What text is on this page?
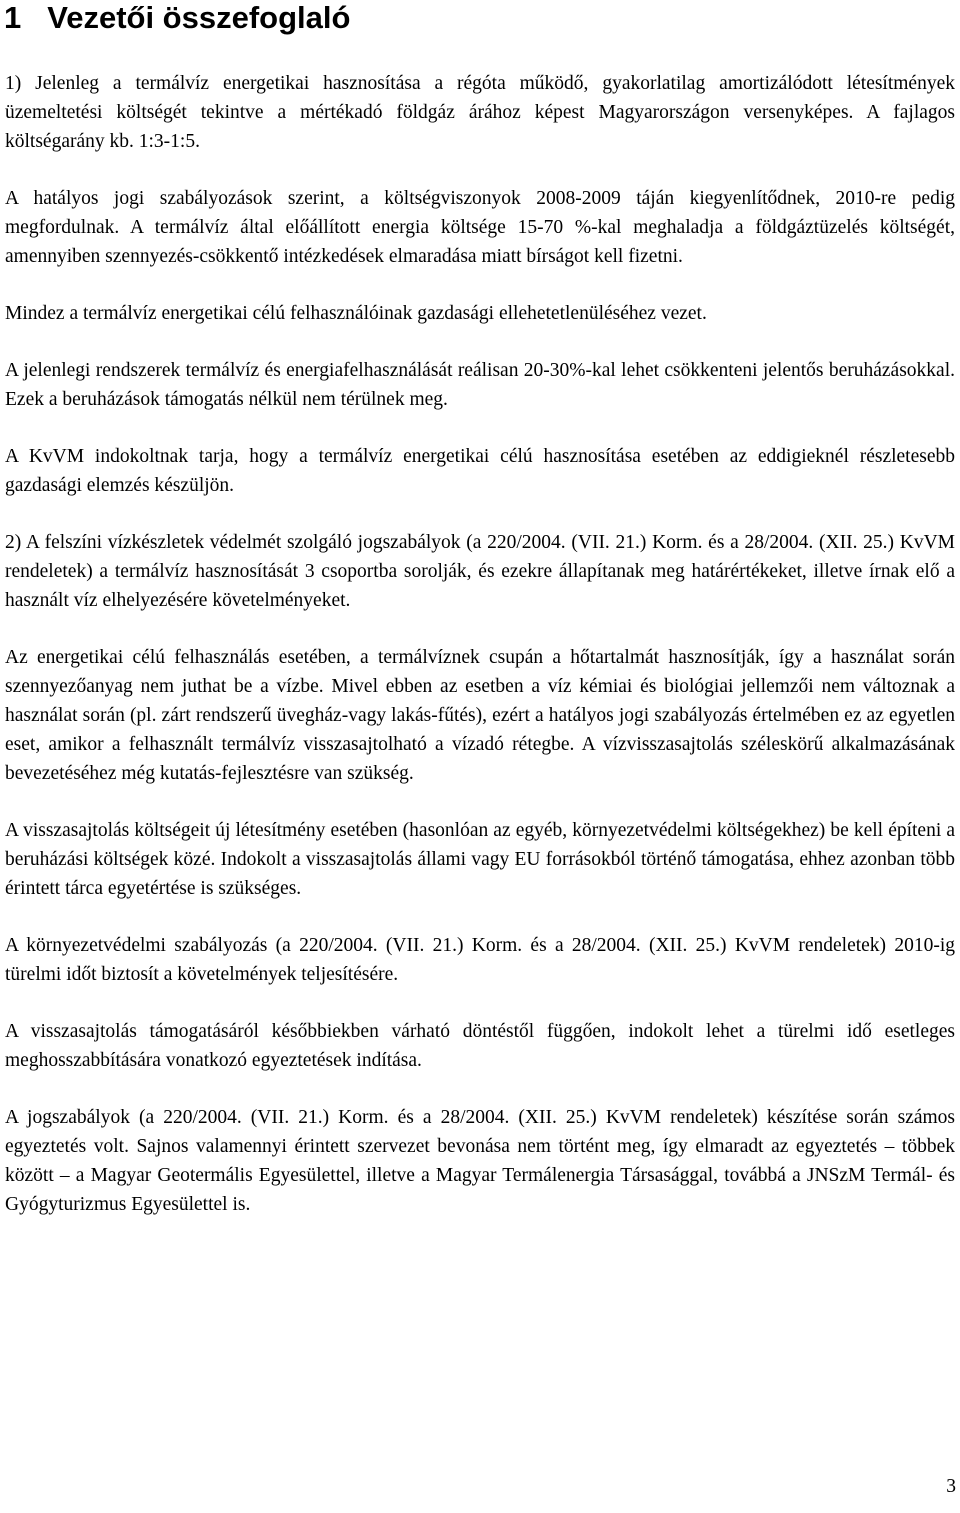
1 Vezetői összefoglaló

1) Jelenleg a termálvíz energetikai hasznosítása a régóta működő, gyakorlatilag amortizálódott létesítmények üzemeltetési költségét tekintve a mértékadó földgáz árához képest Magyarországon versenyképes. A fajlagos költségarány kb. 1:3-1:5.

A hatályos jogi szabályozások szerint, a költségviszonyok 2008-2009 táján kiegyenlítődnek, 2010-re pedig megfordulnak. A termálvíz által előállított energia költsége 15-70 %-kal meghaladja a földgáztüzelés költségét, amennyiben szennyezés-csökkentő intézkedések elmaradása miatt bírságot kell fizetni.

Mindez a termálvíz energetikai célú felhasználóinak gazdasági ellehetetlenüléséhez vezet.

A jelenlegi rendszerek termálvíz és energiafelhasználását reálisan 20-30%-kal lehet csökkenteni jelentős beruházásokkal. Ezek a beruházások támogatás nélkül nem térülnek meg.

A KvVM indokoltnak tarja, hogy a termálvíz energetikai célú hasznosítása esetében az eddigieknél részletesebb gazdasági elemzés készüljön.

2) A felszíni vízkészletek védelmét szolgáló jogszabályok (a 220/2004. (VII. 21.) Korm. és a 28/2004. (XII. 25.) KvVM rendeletek) a termálvíz hasznosítását 3 csoportba sorolják, és ezekre állapítanak meg határértékeket, illetve írnak elő a használt víz elhelyezésére követelményeket.

Az energetikai célú felhasználás esetében, a termálvíznek csupán a hőtartalmát hasznosítják, így a használat során szennyezőanyag nem juthat be a vízbe. Mivel ebben az esetben a víz kémiai és biológiai jellemzői nem változnak a használat során (pl. zárt rendszerű üvegház-vagy lakás-fűtés), ezért a hatályos jogi szabályozás értelmében ez az egyetlen eset, amikor a felhasznált termálvíz visszasajtolható a vízadó rétegbe. A vízvisszasajtolás széleskörű alkalmazásának bevezetéséhez még kutatás-fejlesztésre van szükség.

A visszasajtolás költségeit új létesítmény esetében (hasonlóan az egyéb, környezetvédelmi költségekhez) be kell építeni a beruházási költségek közé. Indokolt a visszasajtolás állami vagy EU forrásokból történő támogatása, ehhez azonban több érintett tárca egyetértése is szükséges.

A környezetvédelmi szabályozás (a 220/2004. (VII. 21.) Korm. és a 28/2004. (XII. 25.) KvVM rendeletek) 2010-ig türelmi időt biztosít a követelmények teljesítésére.

A visszasajtolás támogatásáról későbbiekben várható döntéstől függően, indokolt lehet a türelmi idő esetleges meghosszabbítására vonatkozó egyeztetések indítása.

A jogszabályok (a 220/2004. (VII. 21.) Korm. és a 28/2004. (XII. 25.) KvVM rendeletek) készítése során számos egyeztetés volt. Sajnos valamennyi érintett szervezet bevonása nem történt meg, így elmaradt az egyeztetés – többek között – a Magyar Geotermális Egyesülettel, illetve a Magyar Termálenergia Társasággal, továbbá a JNSzM Termál- és Gyógyturizmus Egyesülettel is.

3
